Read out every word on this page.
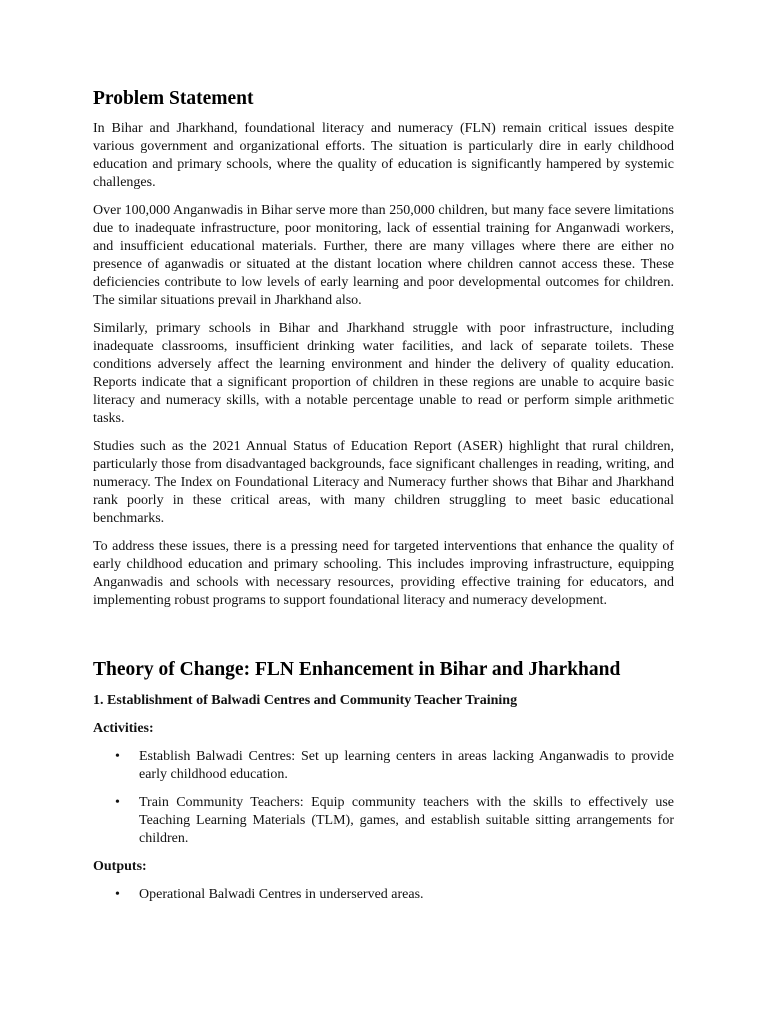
Problem Statement

In Bihar and Jharkhand, foundational literacy and numeracy (FLN) remain critical issues despite various government and organizational efforts. The situation is particularly dire in early childhood education and primary schools, where the quality of education is significantly hampered by systemic challenges.

Over 100,000 Anganwadis in Bihar serve more than 250,000 children, but many face severe limitations due to inadequate infrastructure, poor monitoring, lack of essential training for Anganwadi workers, and insufficient educational materials. Further, there are many villages where there are either no presence of aganwadis or situated at the distant location where children cannot access these. These deficiencies contribute to low levels of early learning and poor developmental outcomes for children. The similar situations prevail in Jharkhand also.

Similarly, primary schools in Bihar and Jharkhand struggle with poor infrastructure, including inadequate classrooms, insufficient drinking water facilities, and lack of separate toilets. These conditions adversely affect the learning environment and hinder the delivery of quality education. Reports indicate that a significant proportion of children in these regions are unable to acquire basic literacy and numeracy skills, with a notable percentage unable to read or perform simple arithmetic tasks.

Studies such as the 2021 Annual Status of Education Report (ASER) highlight that rural children, particularly those from disadvantaged backgrounds, face significant challenges in reading, writing, and numeracy. The Index on Foundational Literacy and Numeracy further shows that Bihar and Jharkhand rank poorly in these critical areas, with many children struggling to meet basic educational benchmarks.

To address these issues, there is a pressing need for targeted interventions that enhance the quality of early childhood education and primary schooling. This includes improving infrastructure, equipping Anganwadis and schools with necessary resources, providing effective training for educators, and implementing robust programs to support foundational literacy and numeracy development.

Theory of Change: FLN Enhancement in Bihar and Jharkhand

1. Establishment of Balwadi Centres and Community Teacher Training

Activities:

• Establish Balwadi Centres: Set up learning centers in areas lacking Anganwadis to provide early childhood education.
• Train Community Teachers: Equip community teachers with the skills to effectively use Teaching Learning Materials (TLM), games, and establish suitable sitting arrangements for children.

Outputs:

• Operational Balwadi Centres in underserved areas.
